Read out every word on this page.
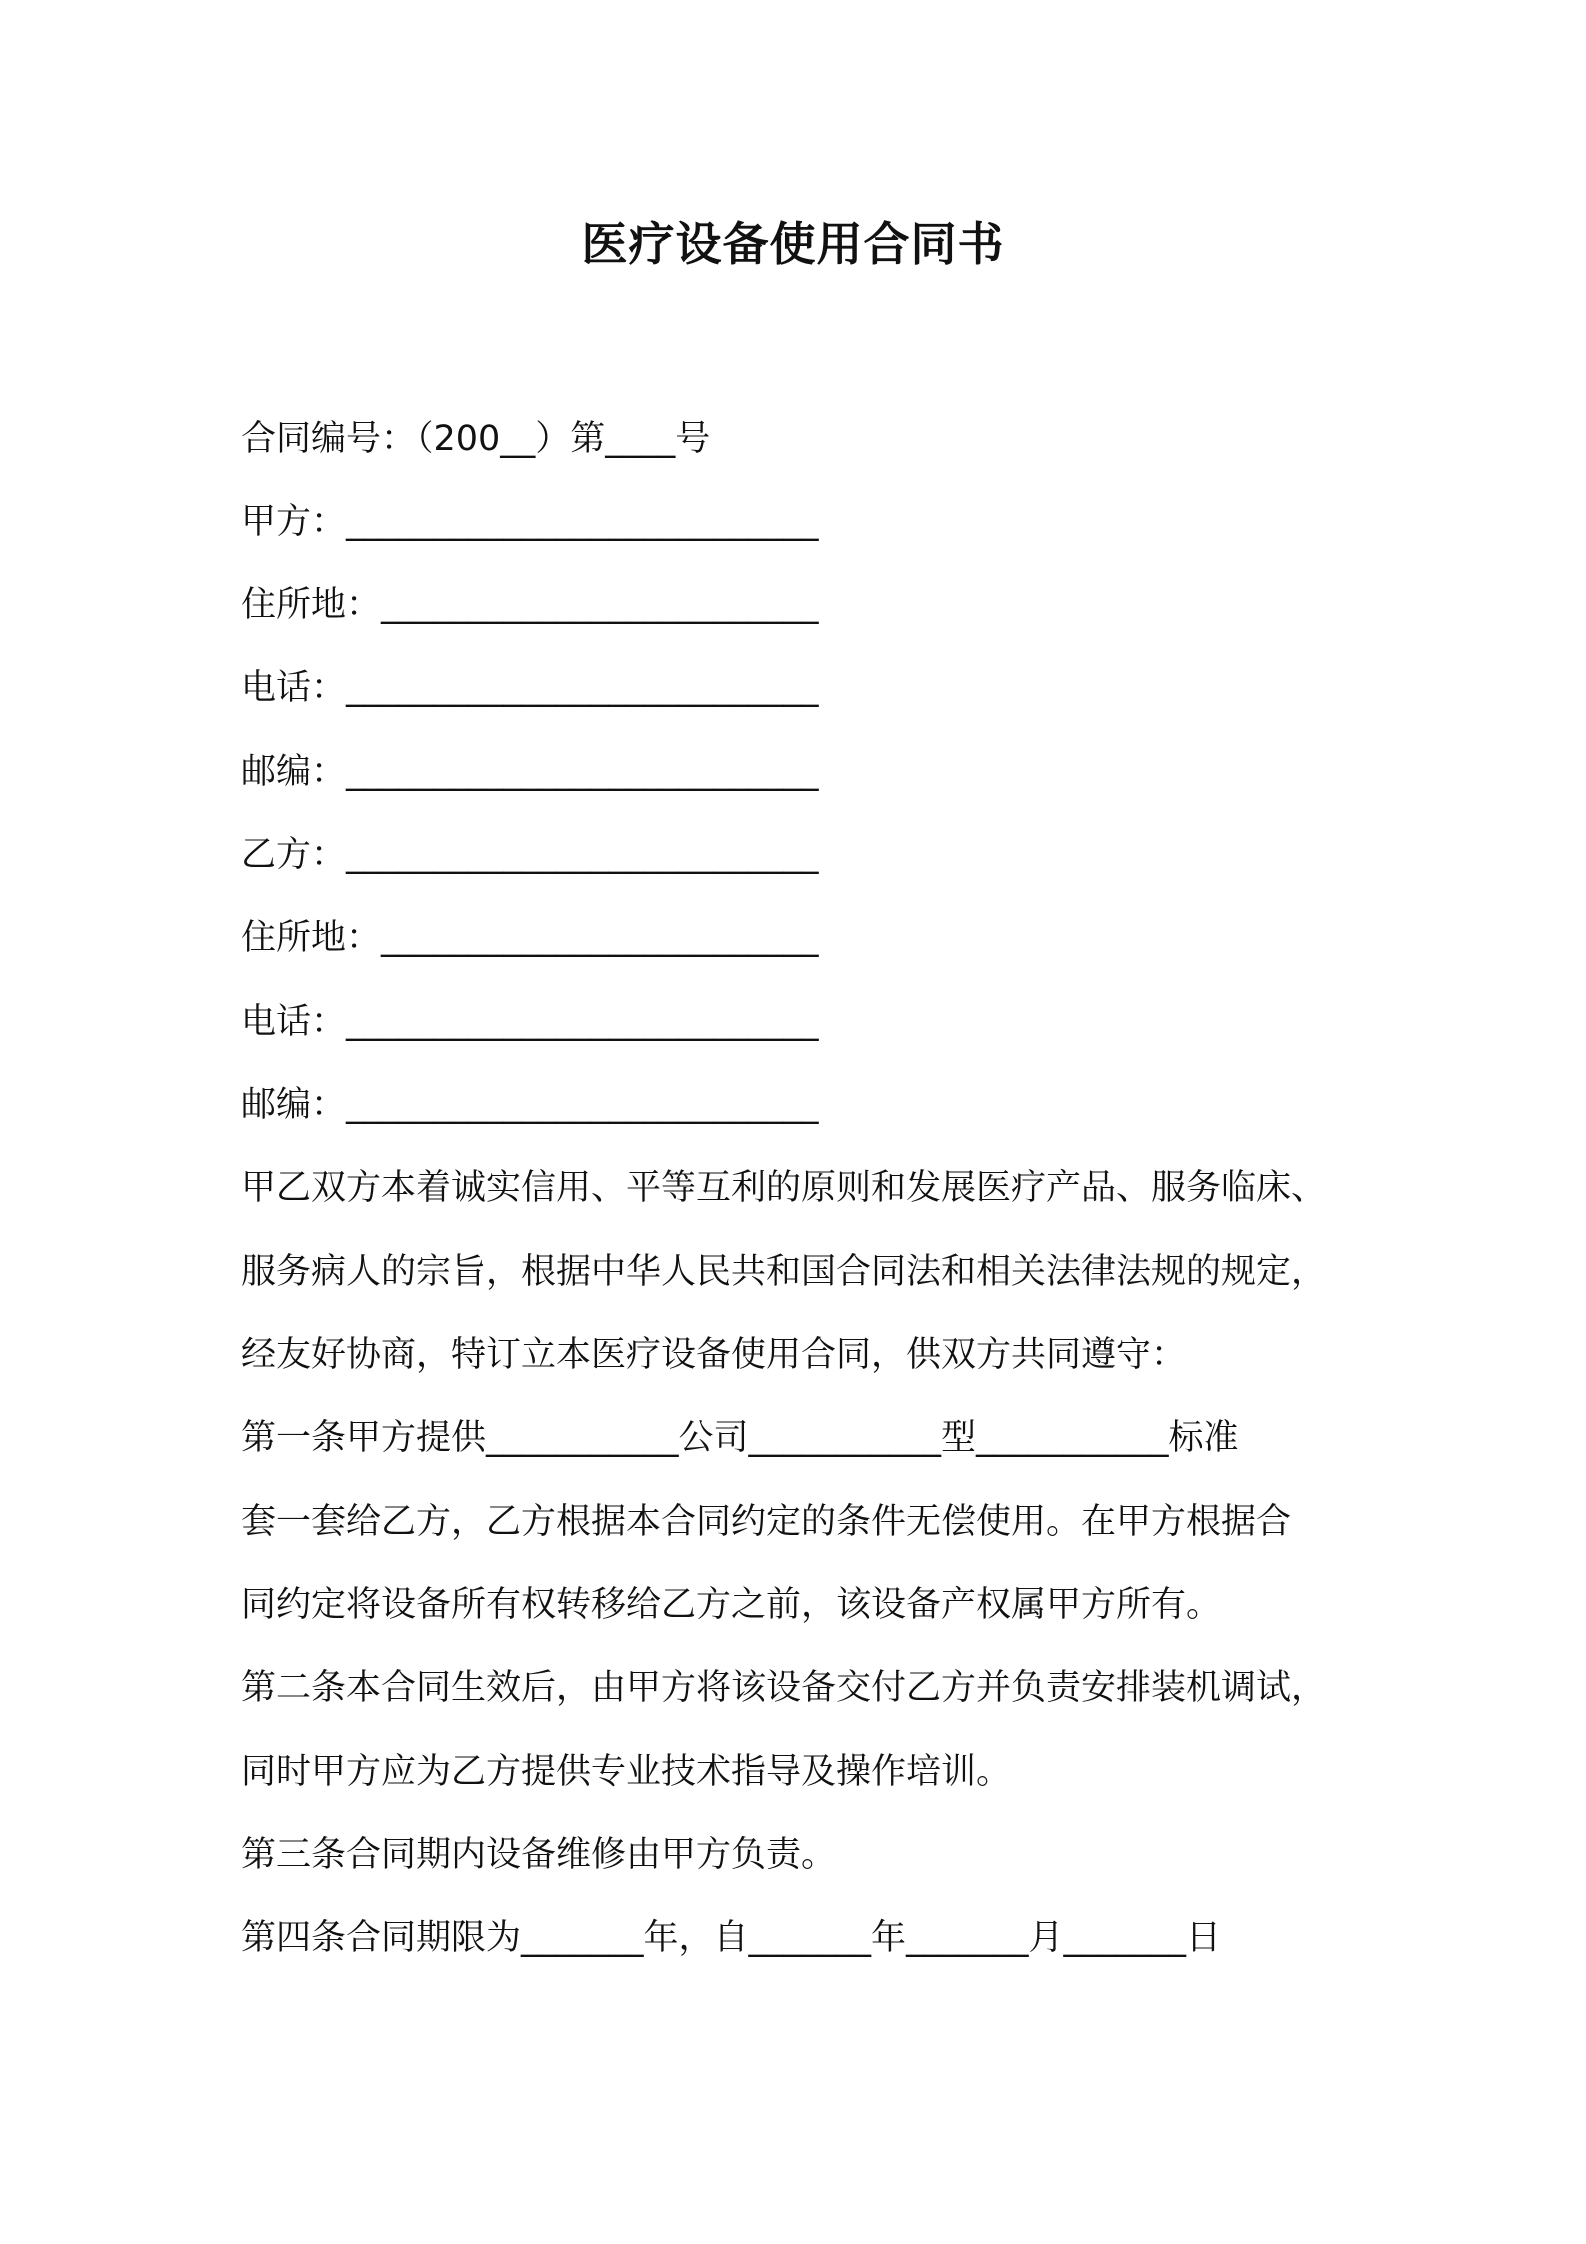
医疗设备使用合同书
合同编号：（200__）第____号
甲方：___________________________
住所地：_________________________
电话：___________________________
邮编：___________________________
乙方：___________________________
住所地：_________________________
电话：___________________________
邮编：___________________________
甲乙双方本着诚实信用、平等互利的原则和发展医疗产品、服务临床、
服务病人的宗旨，根据中华人民共和国合同法和相关法律法规的规定，
经友好协商，特订立本医疗设备使用合同，供双方共同遵守：
第一条甲方提供___________公司___________型___________标准
套一套给乙方，乙方根据本合同约定的条件无偿使用。在甲方根据合
同约定将设备所有权转移给乙方之前，该设备产权属甲方所有。
第二条本合同生效后，由甲方将该设备交付乙方并负责安排装机调试，
同时甲方应为乙方提供专业技术指导及操作培训。
第三条合同期内设备维修由甲方负责。
第四条合同期限为_______年，自_______年_______月_______日
